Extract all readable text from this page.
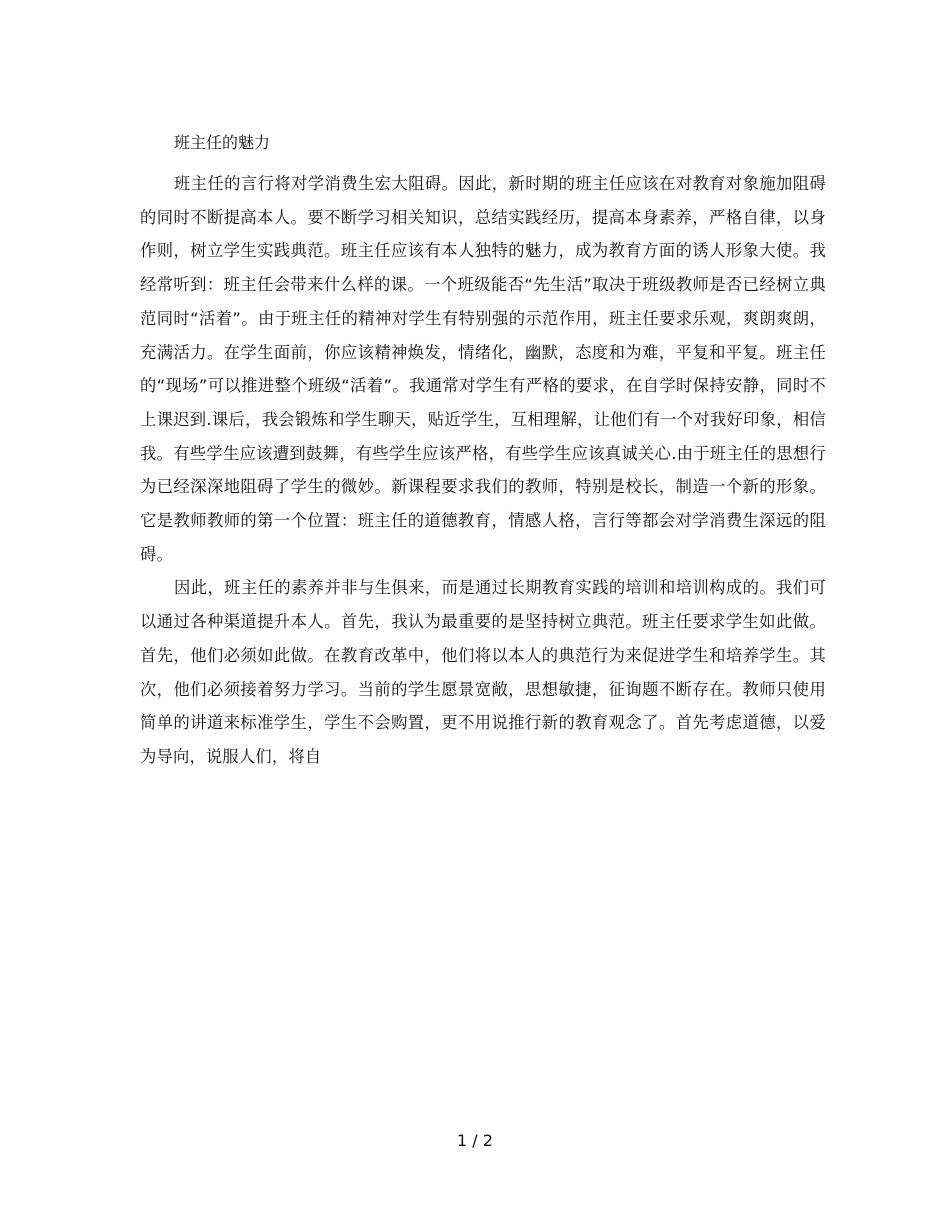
班主任的魅力

班主任的言行将对学消费生宏大阻碍。因此，新时期的班主任应该在对教育对象施加阻碍的同时不断提高本人。要不断学习相关知识，总结实践经历，提高本身素养，严格自律，以身作则，树立学生实践典范。班主任应该有本人独特的魅力，成为教育方面的诱人形象大使。我经常听到：班主任会带来什么样的课。一个班级能否“先生活”取决于班级教师是否已经树立典范同时“活着”。由于班主任的精神对学生有特别强的示范作用，班主任要求乐观，爽朗爽朗，充满活力。在学生面前，你应该精神焕发，情绪化，幽默，态度和为难，平复和平复。班主任的“现场”可以推进整个班级“活着”。我通常对学生有严格的要求，在自学时保持安静，同时不上课迟到.课后，我会锻炼和学生聊天，贴近学生，互相理解，让他们有一个对我好印象，相信我。有些学生应该遭到鼓舞，有些学生应该严格，有些学生应该真诚关心.由于班主任的思想行为已经深深地阻碍了学生的微妙。新课程要求我们的教师，特别是校长，制造一个新的形象。它是教师教师的第一个位置：班主任的道德教育，情感人格，言行等都会对学消费生深远的阻碍。

因此，班主任的素养并非与生俱来，而是通过长期教育实践的培训和培训构成的。我们可以通过各种渠道提升本人。首先，我认为最重要的是坚持树立典范。班主任要求学生如此做。首先，他们必须如此做。在教育改革中，他们将以本人的典范行为来促进学生和培养学生。其次，他们必须接着努力学习。当前的学生愿景宽敞，思想敏捷，征询题不断存在。教师只使用简单的讲道来标准学生，学生不会购置，更不用说推行新的教育观念了。首先考虑道德，以爱为导向，说服人们，将自

1 / 2
